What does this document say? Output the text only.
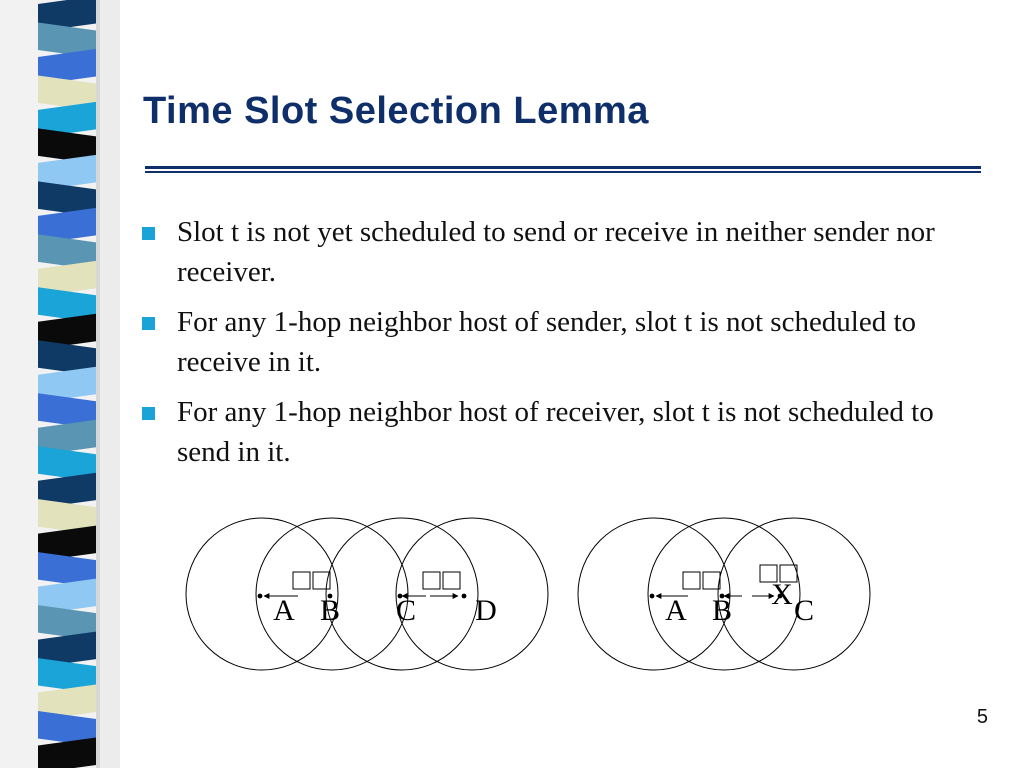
Time Slot Selection Lemma
Slot t is not yet scheduled to send or receive in neither sender nor receiver.
For any 1-hop neighbor host of sender, slot t is not scheduled to receive in it.
For any 1-hop neighbor host of receiver, slot t is not scheduled to send in it.
A B C D	A B C
X
5
